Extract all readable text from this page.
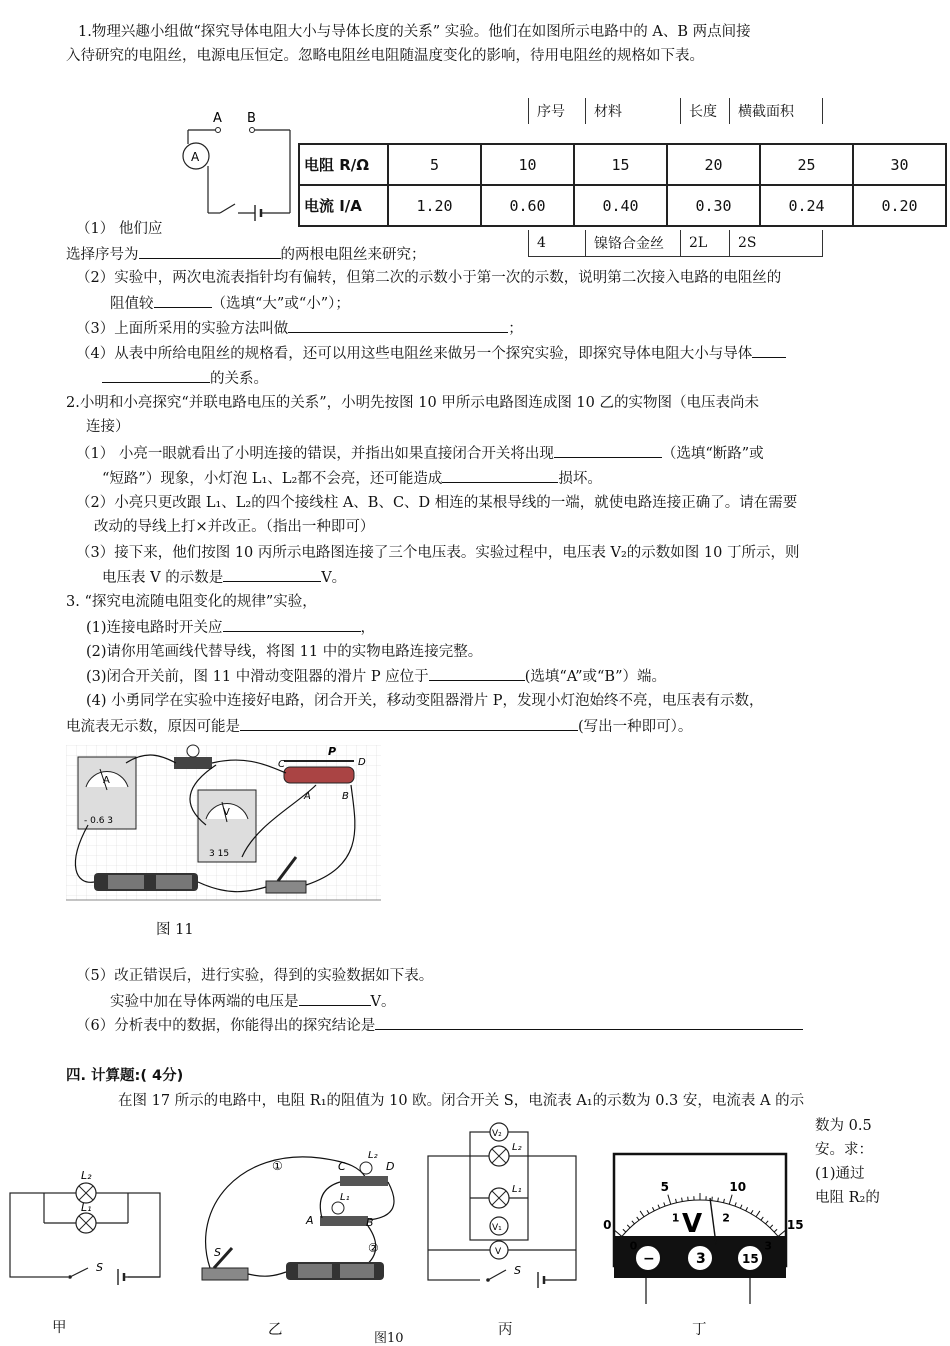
1.物理兴趣小组做“探究导体电阻大小与导体长度的关系” 实验。他们在如图所示电路中的 A、B 两点间接
入待研究的电阻丝，电源电压恒定。忽略电阻丝电阻随温度变化的影响，待用电阻丝的规格如下表。
A
A B	序号	材料	长度	横截面积
电阻 R/Ω	5	10	15	20	25	30
电流 I/A	1.20	0.60	0.40	0.30	0.24	0.20
4	镍铬合金丝	2L	2S
（1） 他们应
选择序号为	的两根电阻丝来研究；
（2）实验中，两次电流表指针均有偏转，但第二次的示数小于第一次的示数，说明第二次接入电路的电阻丝的
阻值较	（选填“大”或“小”）；
（3）上面所采用的实验方法叫做	；
（4）从表中所给电阻丝的规格看，还可以用这些电阻丝来做另一个探究实验，即探究导体电阻大小与导体
的关系。
2.小明和小亮探究“并联电路电压的关系”，小明先按图 10 甲所示电路图连成图 10 乙的实物图（电压表尚未
连接）
（1） 小亮一眼就看出了小明连接的错误，并指出如果直接闭合开关将出现	（选填“断路”或
“短路”）现象，小灯泡 L₁、L₂都不会亮，还可能造成	损坏。
（2）小亮只更改跟 L₁、L₂的四个接线柱 A、B、C、D 相连的某根导线的一端，就使电路连接正确了。请在需要
改动的导线上打×并改正。（指出一种即可）
（3）接下来，他们按图 10 丙所示电路图连接了三个电压表。实验过程中，电压表 V₂的示数如图 10 丁所示，则
电压表 V 的示数是	V。
3. “探究电流随电阻变化的规律”实验，
(1)连接电路时开关应	，
(2)请你用笔画线代替导线，将图 11 中的实物电路连接完整。
(3)闭合开关前，图 11 中滑动变阻器的滑片 P 应位于	(选填“A”或“B”）端。
(4) 小勇同学在实验中连接好电路，闭合开关，移动变阻器滑片 P，发现小灯泡始终不亮，电压表有示数，
电流表无示数，原因可能是	(写出一种即可）。
A
- 0.6 3
V
3 15
P
C	D
A	B
图 11
（5）改正错误后，进行实验，得到的实验数据如下表。
实验中加在导体两端的电压是	V。
（6）分析表中的数据，你能得出的探究结论是
四. 计算题:( 4分)
在图 17 所示的电路中，电阻 R₁的阻值为 10 欧。闭合开关 S，电流表 A₁的示数为 0.3 安，电流表 A 的示
数为 0.5
安。求：
(1)通过
电阻 R₂的
L₂
L₁
S
甲
①	C
L₂
D
L₁
A	B
②
S
乙
V₂
L₂
L₁
V₁
V
S
丙
0
5	10
15
0
1	2
3
V
−	3	15
丁
图10
